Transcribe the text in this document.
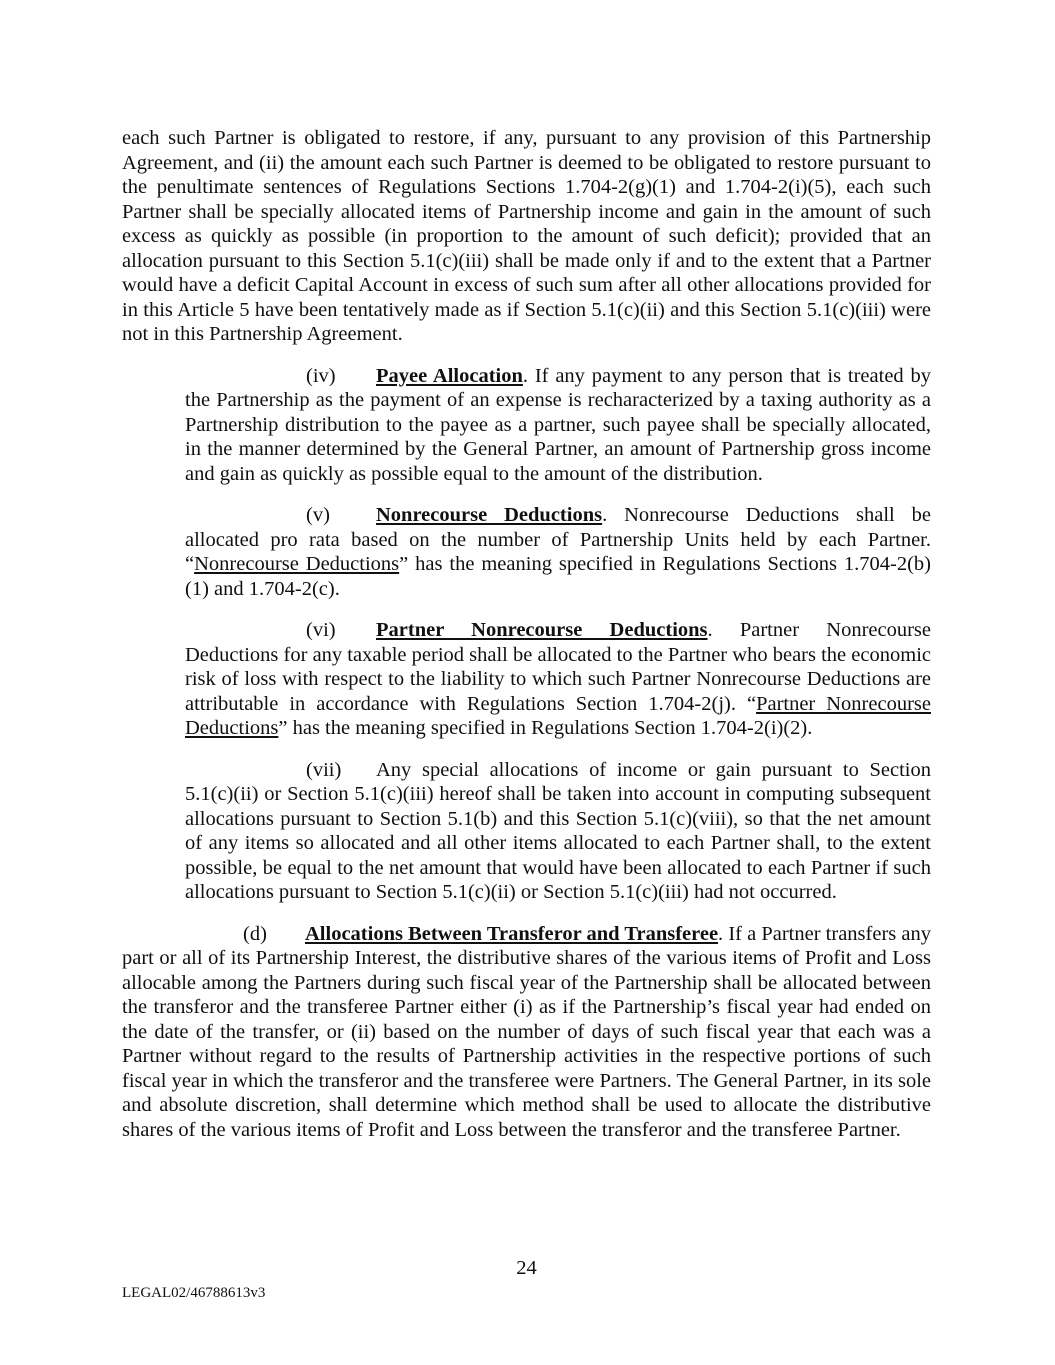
each such Partner is obligated to restore, if any, pursuant to any provision of this Partnership Agreement, and (ii) the amount each such Partner is deemed to be obligated to restore pursuant to the penultimate sentences of Regulations Sections 1.704-2(g)(1) and 1.704-2(i)(5), each such Partner shall be specially allocated items of Partnership income and gain in the amount of such excess as quickly as possible (in proportion to the amount of such deficit); provided that an allocation pursuant to this Section 5.1(c)(iii) shall be made only if and to the extent that a Partner would have a deficit Capital Account in excess of such sum after all other allocations provided for in this Article 5 have been tentatively made as if Section 5.1(c)(ii) and this Section 5.1(c)(iii) were not in this Partnership Agreement.

(iv) Payee Allocation. If any payment to any person that is treated by the Partnership as the payment of an expense is recharacterized by a taxing authority as a Partnership distribution to the payee as a partner, such payee shall be specially allocated, in the manner determined by the General Partner, an amount of Partnership gross income and gain as quickly as possible equal to the amount of the distribution.

(v) Nonrecourse Deductions. Nonrecourse Deductions shall be allocated pro rata based on the number of Partnership Units held by each Partner. “Nonrecourse Deductions” has the meaning specified in Regulations Sections 1.704-2(b)(1) and 1.704-2(c).

(vi) Partner Nonrecourse Deductions. Partner Nonrecourse Deductions for any taxable period shall be allocated to the Partner who bears the economic risk of loss with respect to the liability to which such Partner Nonrecourse Deductions are attributable in accordance with Regulations Section 1.704-2(j). “Partner Nonrecourse Deductions” has the meaning specified in Regulations Section 1.704-2(i)(2).

(vii) Any special allocations of income or gain pursuant to Section 5.1(c)(ii) or Section 5.1(c)(iii) hereof shall be taken into account in computing subsequent allocations pursuant to Section 5.1(b) and this Section 5.1(c)(viii), so that the net amount of any items so allocated and all other items allocated to each Partner shall, to the extent possible, be equal to the net amount that would have been allocated to each Partner if such allocations pursuant to Section 5.1(c)(ii) or Section 5.1(c)(iii) had not occurred.

(d) Allocations Between Transferor and Transferee. If a Partner transfers any part or all of its Partnership Interest, the distributive shares of the various items of Profit and Loss allocable among the Partners during such fiscal year of the Partnership shall be allocated between the transferor and the transferee Partner either (i) as if the Partnership’s fiscal year had ended on the date of the transfer, or (ii) based on the number of days of such fiscal year that each was a Partner without regard to the results of Partnership activities in the respective portions of such fiscal year in which the transferor and the transferee were Partners. The General Partner, in its sole and absolute discretion, shall determine which method shall be used to allocate the distributive shares of the various items of Profit and Loss between the transferor and the transferee Partner.

24
LEGAL02/46788613v3
